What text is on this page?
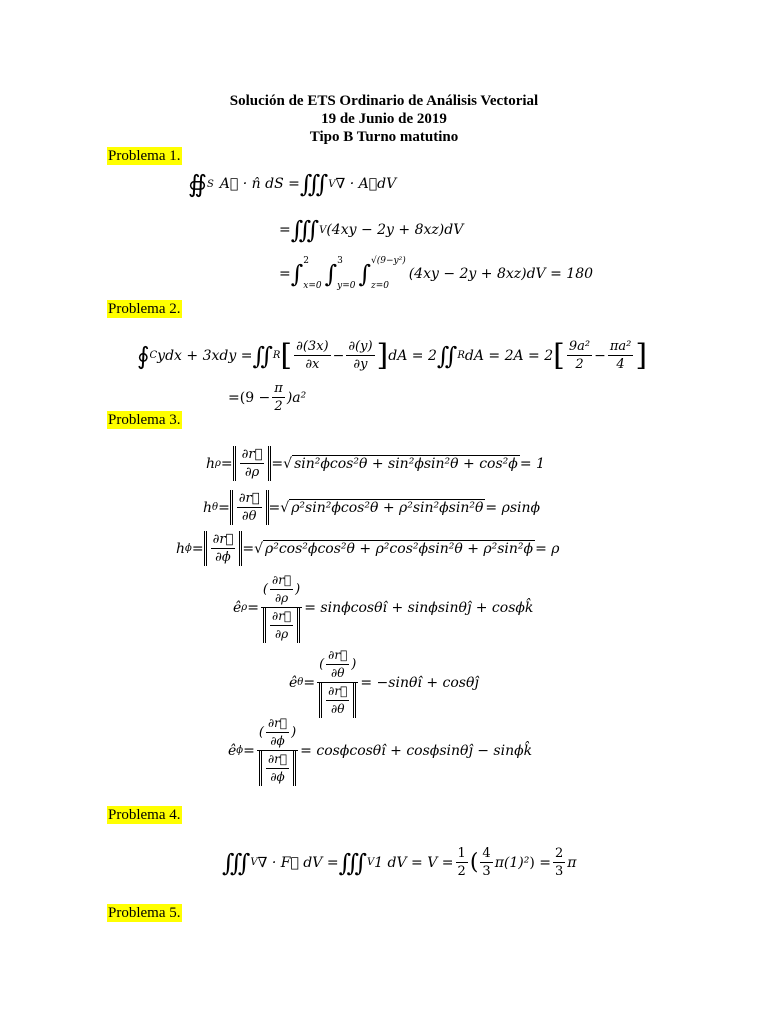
Solución de ETS Ordinario de Análisis Vectorial
19 de Junio de 2019
Tipo B Turno matutino
Problema 1.
Problema 2.
Problema 3.
Problema 4.
Problema 5.
∯ S A⃗ · n̂ dS = ∭ V ∇ · A⃗dV
= ∭ V (4xy − 2y + 8xz)dV
= ∫ 2
x=0 ∫ 3
y=0 ∫ √(9−y²)
z=0
(4xy − 2y + 8xz)dV = 180
∮ C ydx + 3xdy = ∬ R [ $\frac{\partial(3x)}{\partial x} - \frac{\partial(y)}{\partial y}$ ] dA = 2 ∬ R dA = 2A = 2 [ $\frac{\text{9a²}}{2} - \frac{\text{πa²}}{4}$ ]
= $(9 - \frac{\pi}{2} )a^2$
h $\rho = \frac{\partial r⃗}{\partial\rho}$ = √ sin²ϕcos²θ + sin²ϕsin²θ + cos²ϕ = 1
h $\theta = \frac{\partial r⃗}{\partial\theta}$ = √ ρ²sin²ϕcos²θ + ρ²sin²ϕsin²θ = ρsinϕ
h $\phi = \frac{\partial r⃗}{\partial\phi}$ = √ ρ²cos²ϕcos²θ + ρ²cos²ϕsin²θ + ρ²sin²ϕ = ρ
ê $\rho = \frac{( \frac{\partial r⃗}{\partial\rho} )}{\frac{\partial r⃗}{\partial\rho}}$ = sinϕcosθî + sinϕsinθĵ + cosϕk̂
ê $\theta = \frac{( \frac{\partial r⃗}{\partial\theta} )}{\frac{\partial r⃗}{\partial\theta}}$ = −sinθî + cosθĵ
ê $\phi = \frac{( \frac{\partial r⃗}{\partial\phi} )}{\frac{\partial r⃗}{\partial\phi}}$ = cosϕcosθî + cosϕsinθĵ − sinϕk̂
∭ V ∇ · F⃗ dV = ∭ V 1 dV = $V = \frac{1}{2}$ ( $\frac{4}{3} \pi(1)^2$ ) = $\frac{2}{3}$ π
